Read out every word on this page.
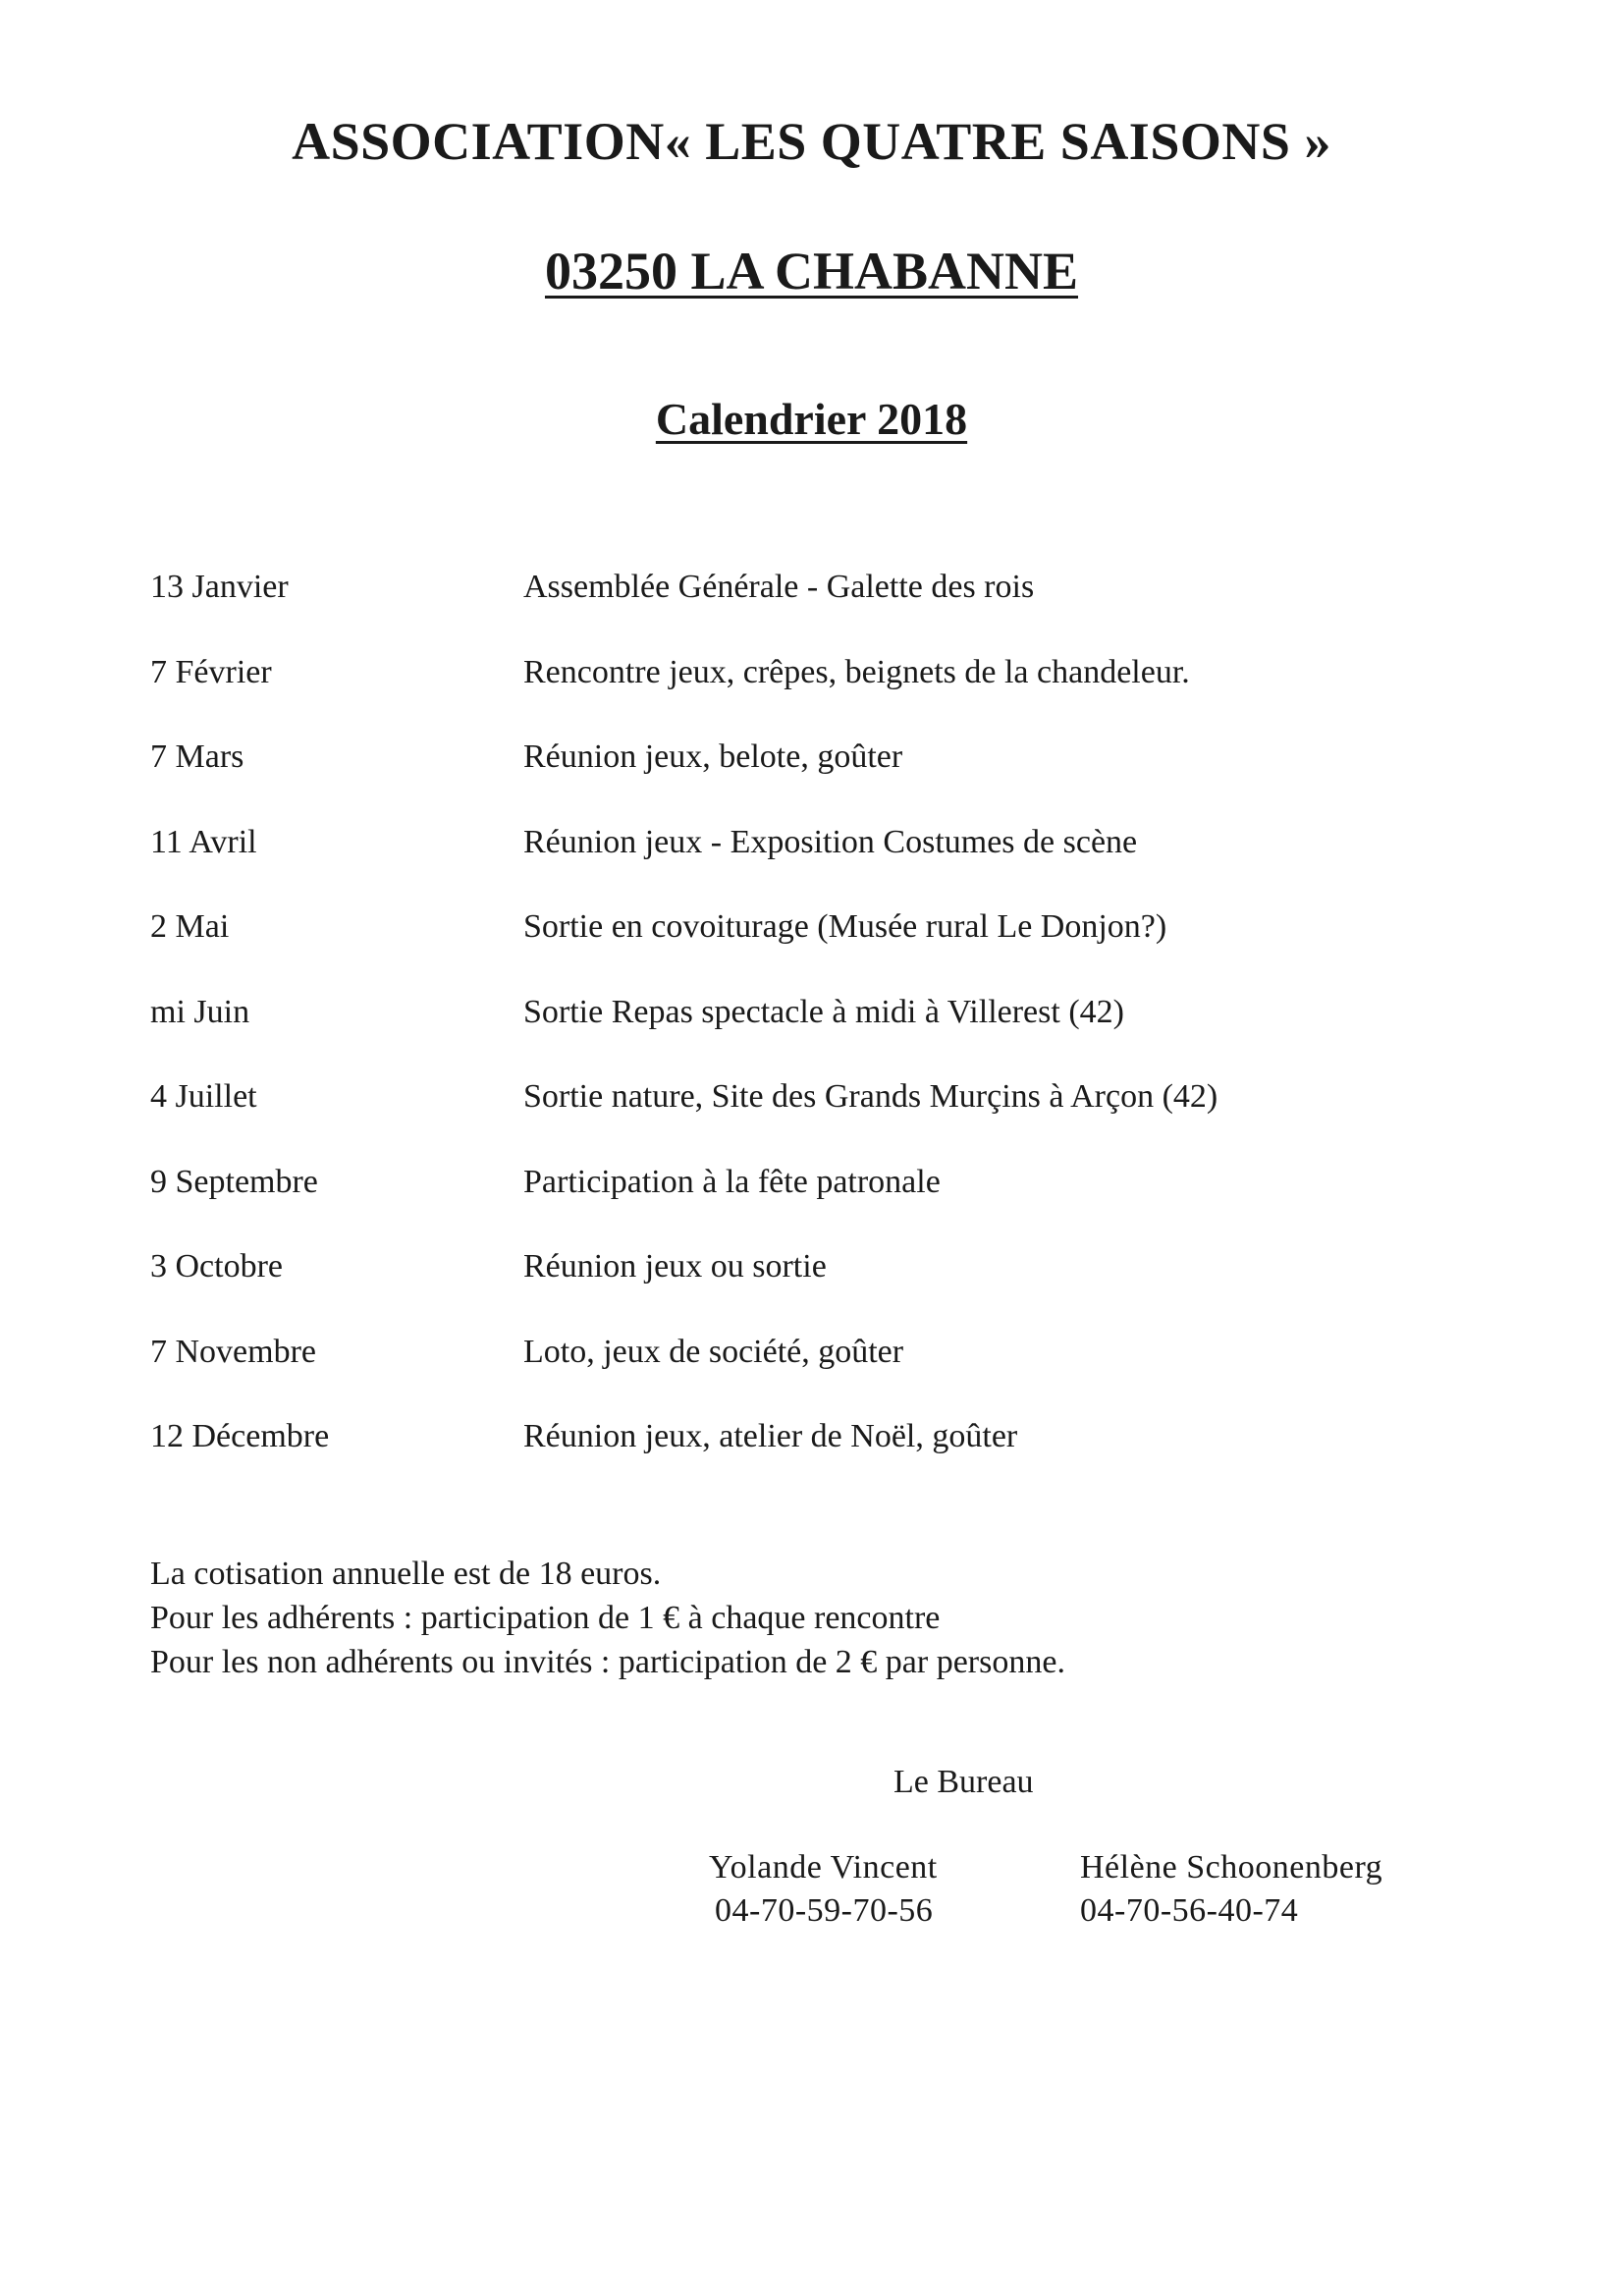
ASSOCIATION« LES QUATRE SAISONS »
03250 LA CHABANNE
Calendrier 2018
13 Janvier	Assemblée Générale - Galette des rois
7 Février	Rencontre jeux, crêpes, beignets de la chandeleur.
7 Mars	Réunion jeux, belote, goûter
11 Avril	Réunion jeux - Exposition Costumes de scène
2 Mai	Sortie en covoiturage (Musée rural Le Donjon?)
mi Juin	Sortie Repas spectacle à midi à Villerest (42)
4 Juillet	Sortie nature, Site des Grands Murçins à Arçon (42)
9 Septembre	Participation à la fête patronale
3 Octobre	Réunion jeux ou sortie
7 Novembre	Loto, jeux de société, goûter
12 Décembre	Réunion jeux, atelier de Noël, goûter
La cotisation annuelle est de 18 euros.
Pour les adhérents : participation de 1 € à chaque rencontre
Pour les non adhérents ou invités : participation de 2 € par personne.

Le Bureau

Yolande Vincent
04-70-59-70-56
Hélène Schoonenberg
04-70-56-40-74
